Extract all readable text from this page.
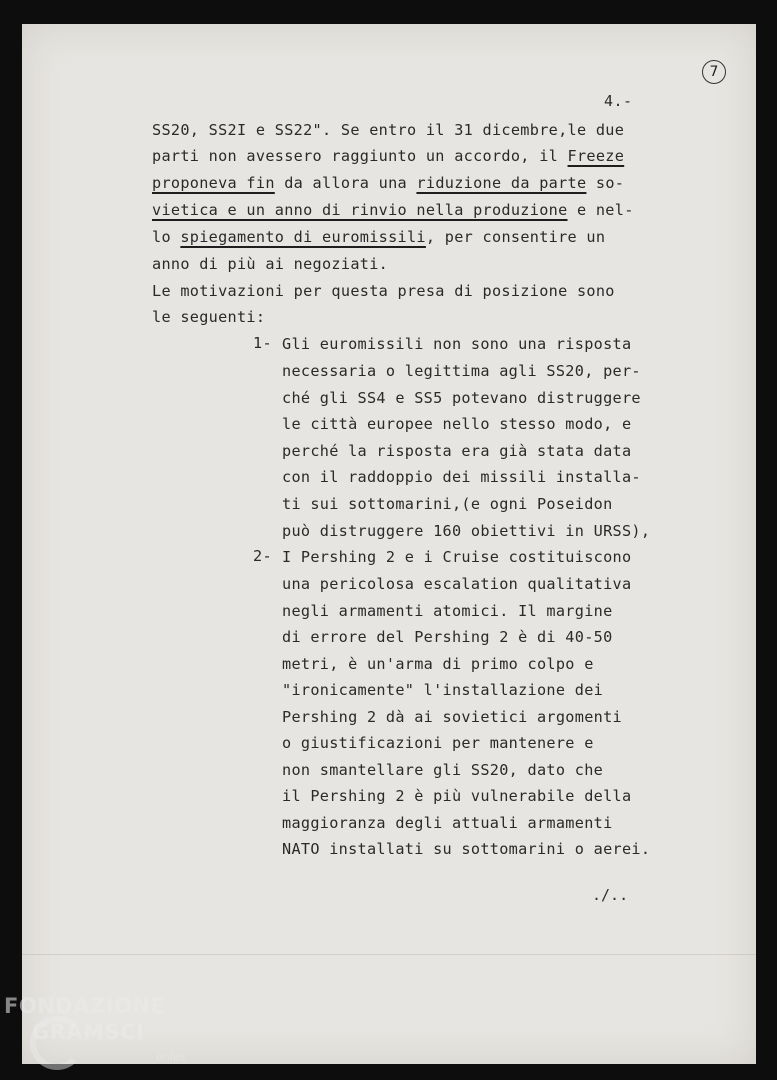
7
4.-
SS20, SS2I e SS22". Se entro il 31 dicembre,le due
parti non avessero raggiunto un accordo, il Freeze
proponeva fin da allora una riduzione da parte so-
vietica e un anno di rinvio nella produzione e nel-
lo spiegamento di euromissili, per consentire un
anno di più ai negoziati.
Le motivazioni per questa presa di posizione sono
le seguenti:
1- Gli euromissili non sono una risposta
necessaria o legittima agli SS20, per-
ché gli SS4 e SS5 potevano distruggere
le città europee nello stesso modo, e
perché la risposta era già stata data
con il raddoppio dei missili installa-
ti sui sottomarini,(e ogni Poseidon
può distruggere 160 obiettivi in URSS),
2- I Pershing 2 e i Cruise costituiscono
una pericolosa escalation qualitativa
negli armamenti atomici. Il margine
di errore del Pershing 2 è di 40-50
metri, è un'arma di primo colpo e
"ironicamente" l'installazione dei
Pershing 2 dà ai sovietici argomenti
o giustificazioni per mantenere e
non smantellare gli SS20, dato che
il Pershing 2 è più vulnerabile della
maggioranza degli attuali armamenti
NATO installati su sottomarini o aerei.
./..
FONDAZIONE
GRAMSCI
onlus
